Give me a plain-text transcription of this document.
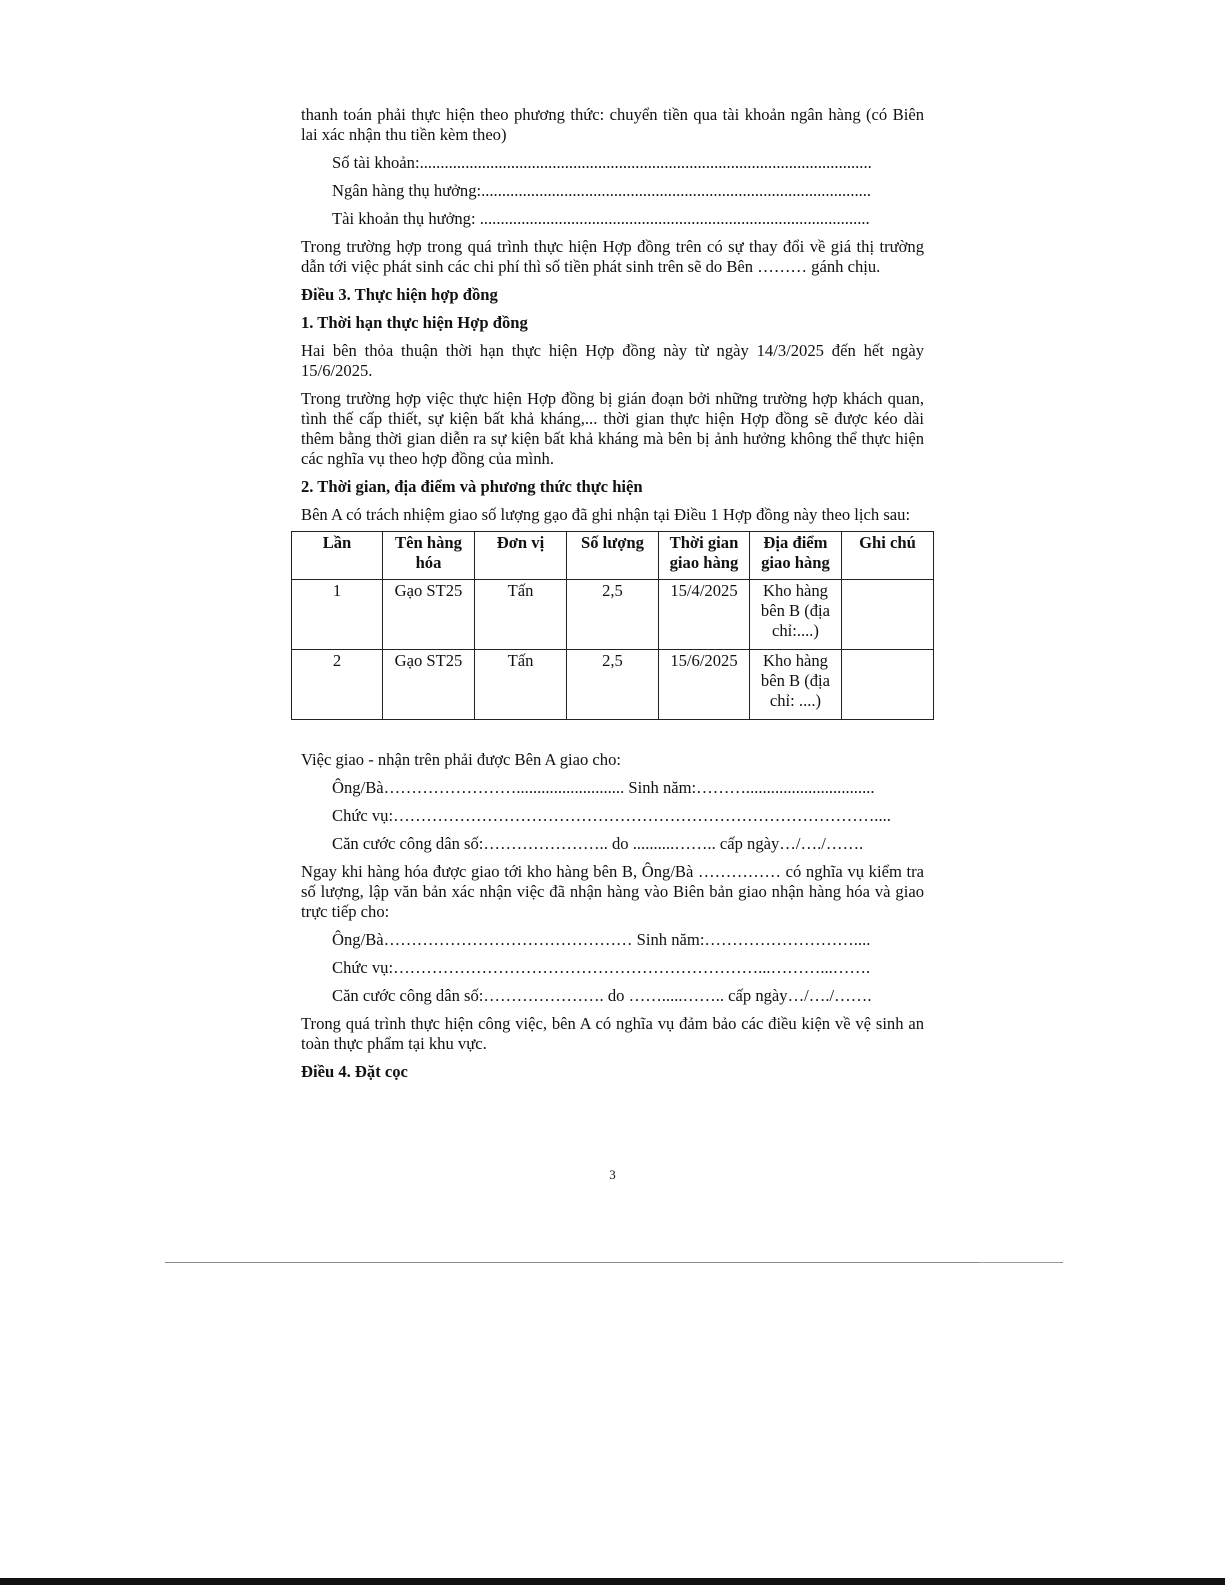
thanh toán phải thực hiện theo phương thức: chuyển tiền qua tài khoản ngân hàng (có Biên lai xác nhận thu tiền kèm theo)

Số tài khoản:.............................................................................................................
Ngân hàng thụ hưởng:..............................................................................................
Tài khoản thụ hưởng: ..............................................................................................

Trong trường hợp trong quá trình thực hiện Hợp đồng trên có sự thay đổi về giá thị trường dẫn tới việc phát sinh các chi phí thì số tiền phát sinh trên sẽ do Bên ……… gánh chịu.

Điều 3. Thực hiện hợp đồng

1. Thời hạn thực hiện Hợp đồng

Hai bên thỏa thuận thời hạn thực hiện Hợp đồng này từ ngày 14/3/2025 đến hết ngày 15/6/2025.

Trong trường hợp việc thực hiện Hợp đồng bị gián đoạn bởi những trường hợp khách quan, tình thế cấp thiết, sự kiện bất khả kháng,... thời gian thực hiện Hợp đồng sẽ được kéo dài thêm bằng thời gian diễn ra sự kiện bất khả kháng mà bên bị ảnh hưởng không thể thực hiện các nghĩa vụ theo hợp đồng của mình.

2. Thời gian, địa điểm và phương thức thực hiện

Bên A có trách nhiệm giao số lượng gạo đã ghi nhận tại Điều 1 Hợp đồng này theo lịch sau:

Lần	Tên hàng hóa	Đơn vị	Số lượng	Thời gian giao hàng	Địa điểm giao hàng	Ghi chú
1	Gạo ST25	Tấn	2,5	15/4/2025	Kho hàng bên B (địa chỉ:....)	
2	Gạo ST25	Tấn	2,5	15/6/2025	Kho hàng bên B (địa chỉ: ....)	

Việc giao - nhận trên phải được Bên A giao cho:

Ông/Bà…………………….......................... Sinh năm:………...............................
Chức vụ:……………………………………………………………………………....
Căn cước công dân số:………………….. do ..........…….. cấp ngày…/…./…….

Ngay khi hàng hóa được giao tới kho hàng bên B, Ông/Bà …………… có nghĩa vụ kiểm tra số lượng, lập văn bản xác nhận việc đã nhận hàng vào Biên bản giao nhận hàng hóa và giao trực tiếp cho:

Ông/Bà……………………………………… Sinh năm:………………………....
Chức vụ:…………………………………………………………...………...…….
Căn cước công dân số:…………………. do …….....…….. cấp ngày…/…./…….

Trong quá trình thực hiện công việc, bên A có nghĩa vụ đảm bảo các điều kiện về vệ sinh an toàn thực phẩm tại khu vực.

Điều 4. Đặt cọc

3
